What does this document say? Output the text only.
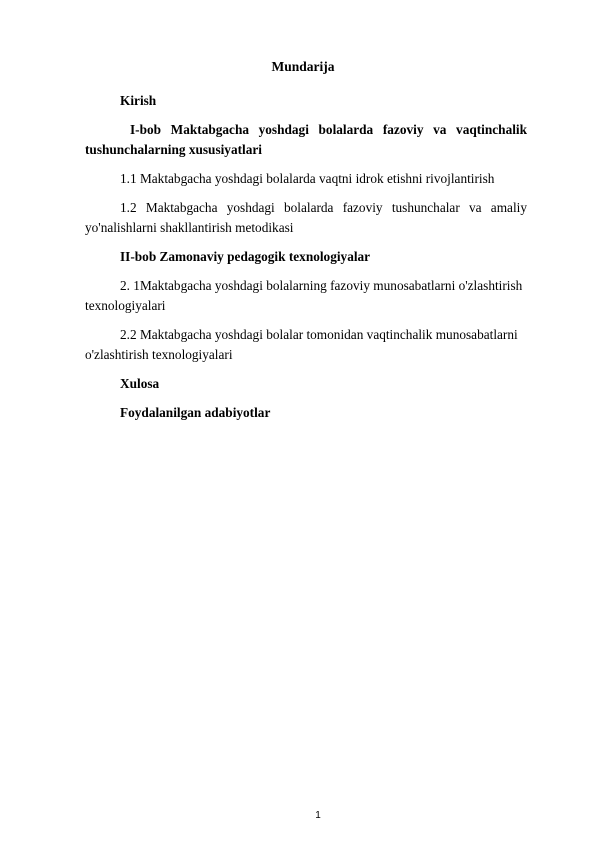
Mundarija

Kirish

I-bob Maktabgacha yoshdagi bolalarda fazoviy va vaqtinchalik tushunchalarning xususiyatlari

1.1 Maktabgacha yoshdagi bolalarda vaqtni idrok etishni rivojlantirish

1.2 Maktabgacha yoshdagi bolalarda fazoviy tushunchalar va amaliy yo'nalishlarni shakllantirish metodikasi

II-bob Zamonaviy pedagogik texnologiyalar

2. 1Maktabgacha yoshdagi bolalarning fazoviy munosabatlarni o'zlashtirish texnologiyalari

2.2 Maktabgacha yoshdagi bolalar tomonidan vaqtinchalik munosabatlarni o'zlashtirish texnologiyalari

Xulosa

Foydalanilgan adabiyotlar

1
